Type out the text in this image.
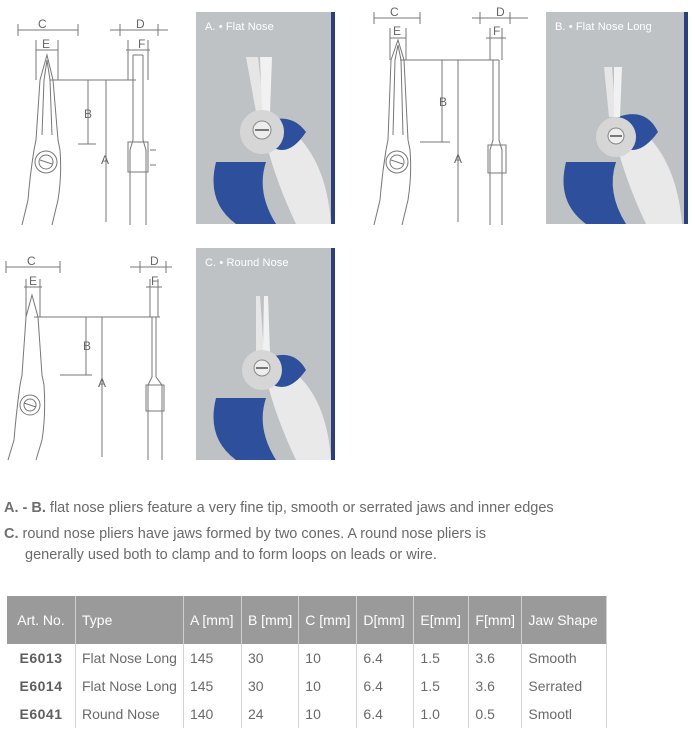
C
E
D
F
B
A
C
E
D
F
B
A
C
E
D
F
B
A
A. • Flat Nose	B. • Flat Nose Long
C. • Round Nose
A. - B. flat nose pliers feature a very fine tip, smooth or serrated jaws and inner edges
C. round nose pliers have jaws formed by two cones. A round nose pliers is
generally used both to clamp and to form loops on leads or wire.
Art. No.	Type	A [mm]	B [mm]	C [mm]	D[mm]	E[mm]	F[mm]	Jaw Shape
E6013	Flat Nose Long	145	30	10	6.4	1.5	3.6	Smooth
E6014	Flat Nose Long	145	30	10	6.4	1.5	3.6	Serrated
E6041	Round Nose	140	24	10	6.4	1.0	0.5	Smootl
